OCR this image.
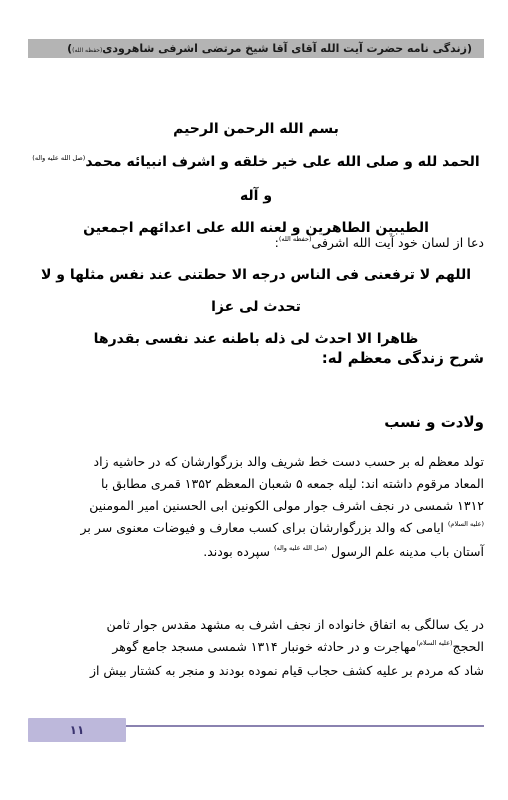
(زندگی نامه حضرت آیت الله آقای آقا شیخ مرتضی اشرفی شاهرودی(حفظه الله))
بسم الله الرحمن الرحیم
الحمد لله و صلی الله علی خیر خلقه و اشرف انبیائه محمد$^{(صل الله علیه واله)}$ و آله
الطیبین الطاهرین و لعنه الله علی اعدائهم اجمعین
دعا از لسان خود آیت الله اشرفی$^{(حفظه الله)}$:
اللهم لا ترفعنی فی الناس درجه الا حطتنی عند نفس مثلها و لا تحدث لی عزا
ظاهرا الا احدث لی ذله باطنه عند نفسی بقدرها
شرح زندگی معظم له:
ولادت و نسب
تولد معظم له بر حسب دست خط شریف والد بزرگوارشان که در حاشیه زاد
المعاد مرقوم داشته اند: لیله جمعه ۵ شعبان المعظم ۱۳۵۲ قمری مطابق با
۱۳۱۲ شمسی در نجف اشرف جوار مولی الکونین ابی الحسنین امیر المومنین
$^{(علیه السلام)}$ ایامی که والد بزرگوارشان برای کسب معارف و فیوضات معنوی سر بر
آستان باب مدینه علم الرسول $^{(صل الله علیه واله)}$ سپرده بودند.
در یک سالگی به اتفاق خانواده از نجف اشرف به مشهد مقدس جوار ثامن
الحجج$^{(علیه السلام)}$مهاجرت و در حادثه خونبار ۱۳۱۴ شمسی مسجد جامع گوهر
شاد که مردم بر علیه کشف حجاب قیام نموده بودند و منجر به کشتار بیش از
۱۱
